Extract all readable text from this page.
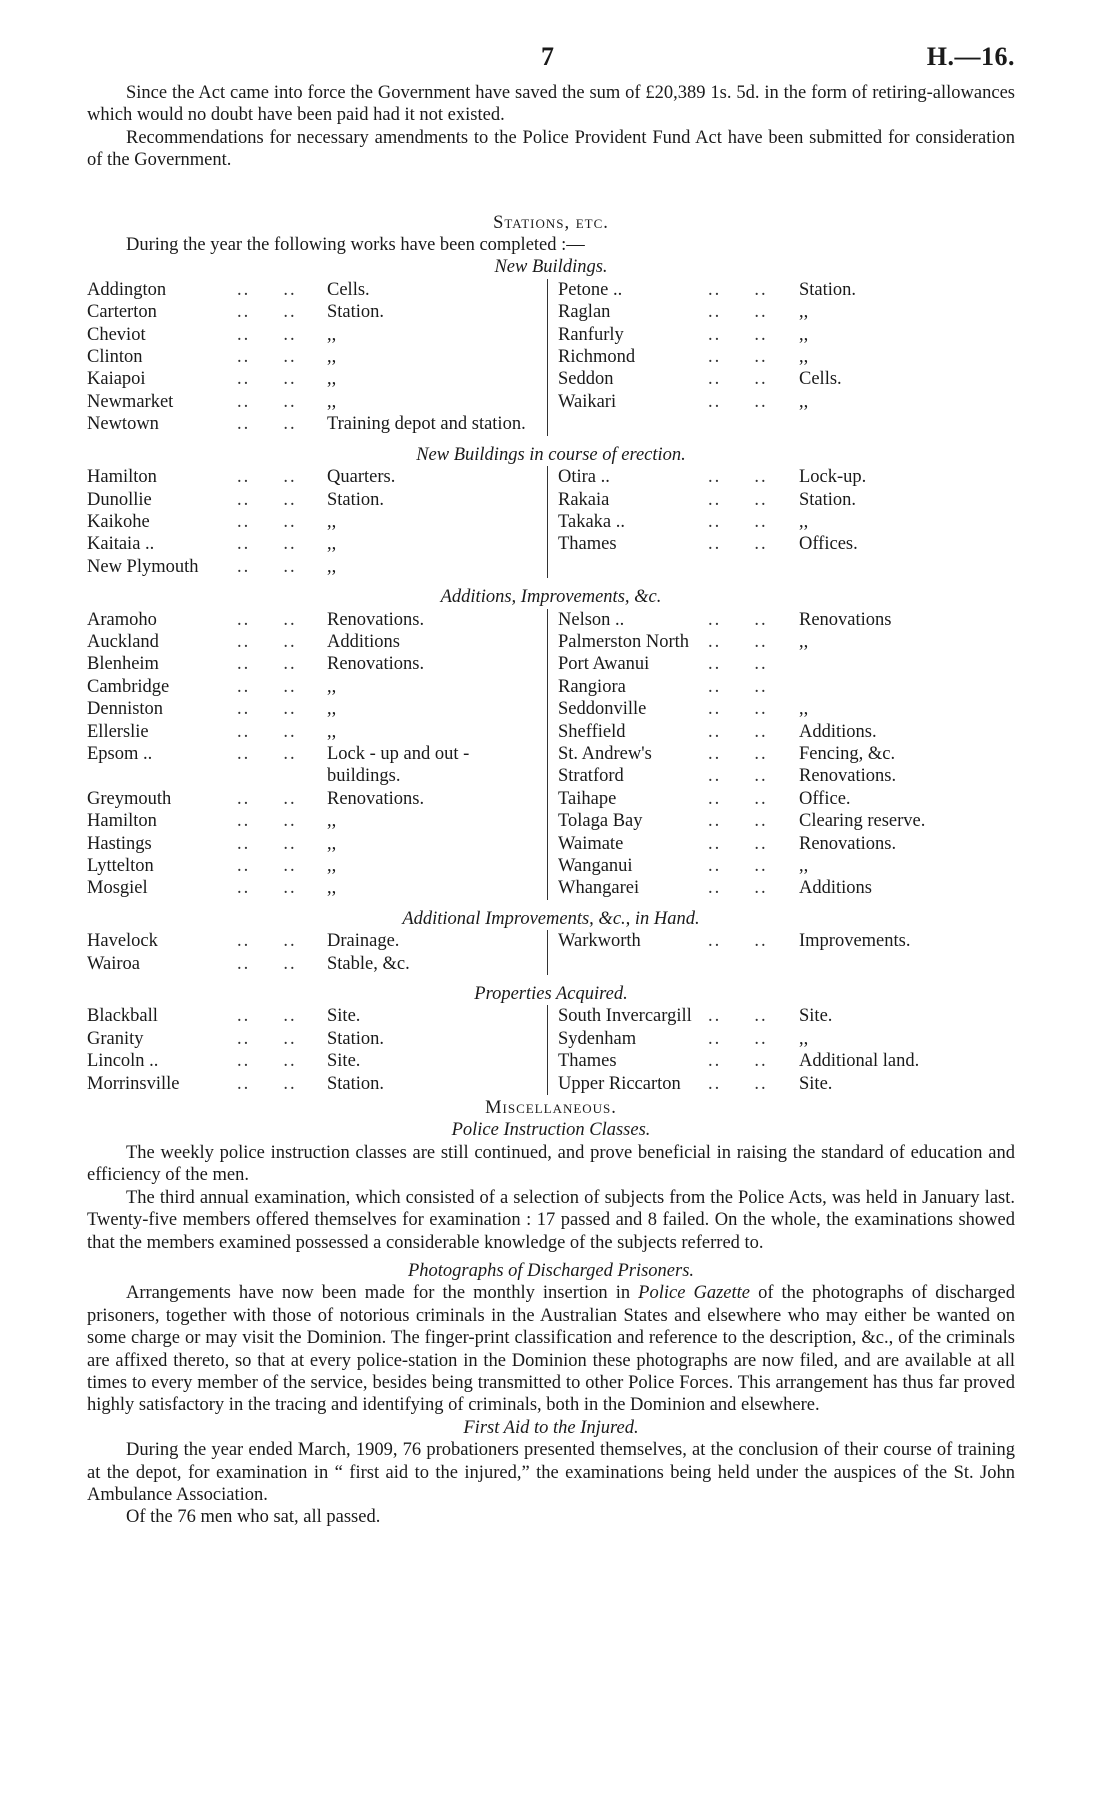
7	H.—16.

Since the Act came into force the Government have saved the sum of £20,389 1s. 5d. in the form of retiring-allowances which would no doubt have been paid had it not existed.

Recommendations for necessary amendments to the Police Provident Fund Act have been submitted for consideration of the Government.

Stations, etc.

During the year the following works have been completed :—

New Buildings.
Addington	..     ..	Cells.
Carterton	..     ..	Station.
Cheviot	..     ..	,,
Clinton	..     ..	,,
Kaiapoi	..     ..	,,
Newmarket	..     ..	,,
Newtown	..     ..	Training depot and station.
Petone ..	..     ..	Station.
Raglan	..     ..	,,
Ranfurly	..     ..	,,
Richmond	..     ..	,,
Seddon	..     ..	Cells.
Waikari	..     ..	,,
New Buildings in course of erection.
Hamilton	..     ..	Quarters.
Dunollie	..     ..	Station.
Kaikohe	..     ..	,,
Kaitaia ..	..     ..	,,
New Plymouth	..     ..	,,
Otira ..	..     ..	Lock-up.
Rakaia	..     ..	Station.
Takaka ..	..     ..	,,
Thames	..     ..	Offices.
Additions, Improvements, &c.
Aramoho	..     ..	Renovations.
Auckland	..     ..	Additions
Blenheim	..     ..	Renovations.
Cambridge	..     ..	,,
Denniston	..     ..	,,
Ellerslie	..     ..	,,
Epsom ..	..     ..	Lock - up and out - buildings.
Greymouth	..     ..	Renovations.
Hamilton	..     ..	,,
Hastings	..     ..	,,
Lyttelton	..     ..	,,
Mosgiel	..     ..	,,
Nelson ..	..     ..	Renovations
Palmerston North	..     ..	,,
Port Awanui	..     ..
Rangiora	..     ..
Seddonville	..     ..	,,
Sheffield	..     ..	Additions.
St. Andrew's	..     ..	Fencing, &c.
Stratford	..     ..	Renovations.
Taihape	..     ..	Office.
Tolaga Bay	..     ..	Clearing reserve.
Waimate	..     ..	Renovations.
Wanganui	..     ..	,,
Whangarei	..     ..	Additions
Additional Improvements, &c., in Hand.
Havelock	..     ..	Drainage.
Wairoa	..     ..	Stable, &c.
Warkworth	..     ..	Improvements.
Properties Acquired.
Blackball	..     ..	Site.
Granity	..     ..	Station.
Lincoln ..	..     ..	Site.
Morrinsville	..     ..	Station.
South Invercargill ..     ..	Site.
Sydenham	..     ..	,,
Thames	..     ..	Additional land.
Upper Riccarton	..     ..	Site.
Miscellaneous.
Police Instruction Classes.

The weekly police instruction classes are still continued, and prove beneficial in raising the standard of education and efficiency of the men.

The third annual examination, which consisted of a selection of subjects from the Police Acts, was held in January last. Twenty-five members offered themselves for examination : 17 passed and 8 failed. On the whole, the examinations showed that the members examined possessed a considerable knowledge of the subjects referred to.

Photographs of Discharged Prisoners.

Arrangements have now been made for the monthly insertion in Police Gazette of the photographs of discharged prisoners, together with those of notorious criminals in the Australian States and elsewhere who may either be wanted on some charge or may visit the Dominion. The finger-print classification and reference to the description, &c., of the criminals are affixed thereto, so that at every police-station in the Dominion these photographs are now filed, and are available at all times to every member of the service, besides being transmitted to other Police Forces. This arrangement has thus far proved highly satisfactory in the tracing and identifying of criminals, both in the Dominion and elsewhere.

First Aid to the Injured.

During the year ended March, 1909, 76 probationers presented themselves, at the conclusion of their course of training at the depot, for examination in “ first aid to the injured,” the examinations being held under the auspices of the St. John Ambulance Association.

Of the 76 men who sat, all passed.
